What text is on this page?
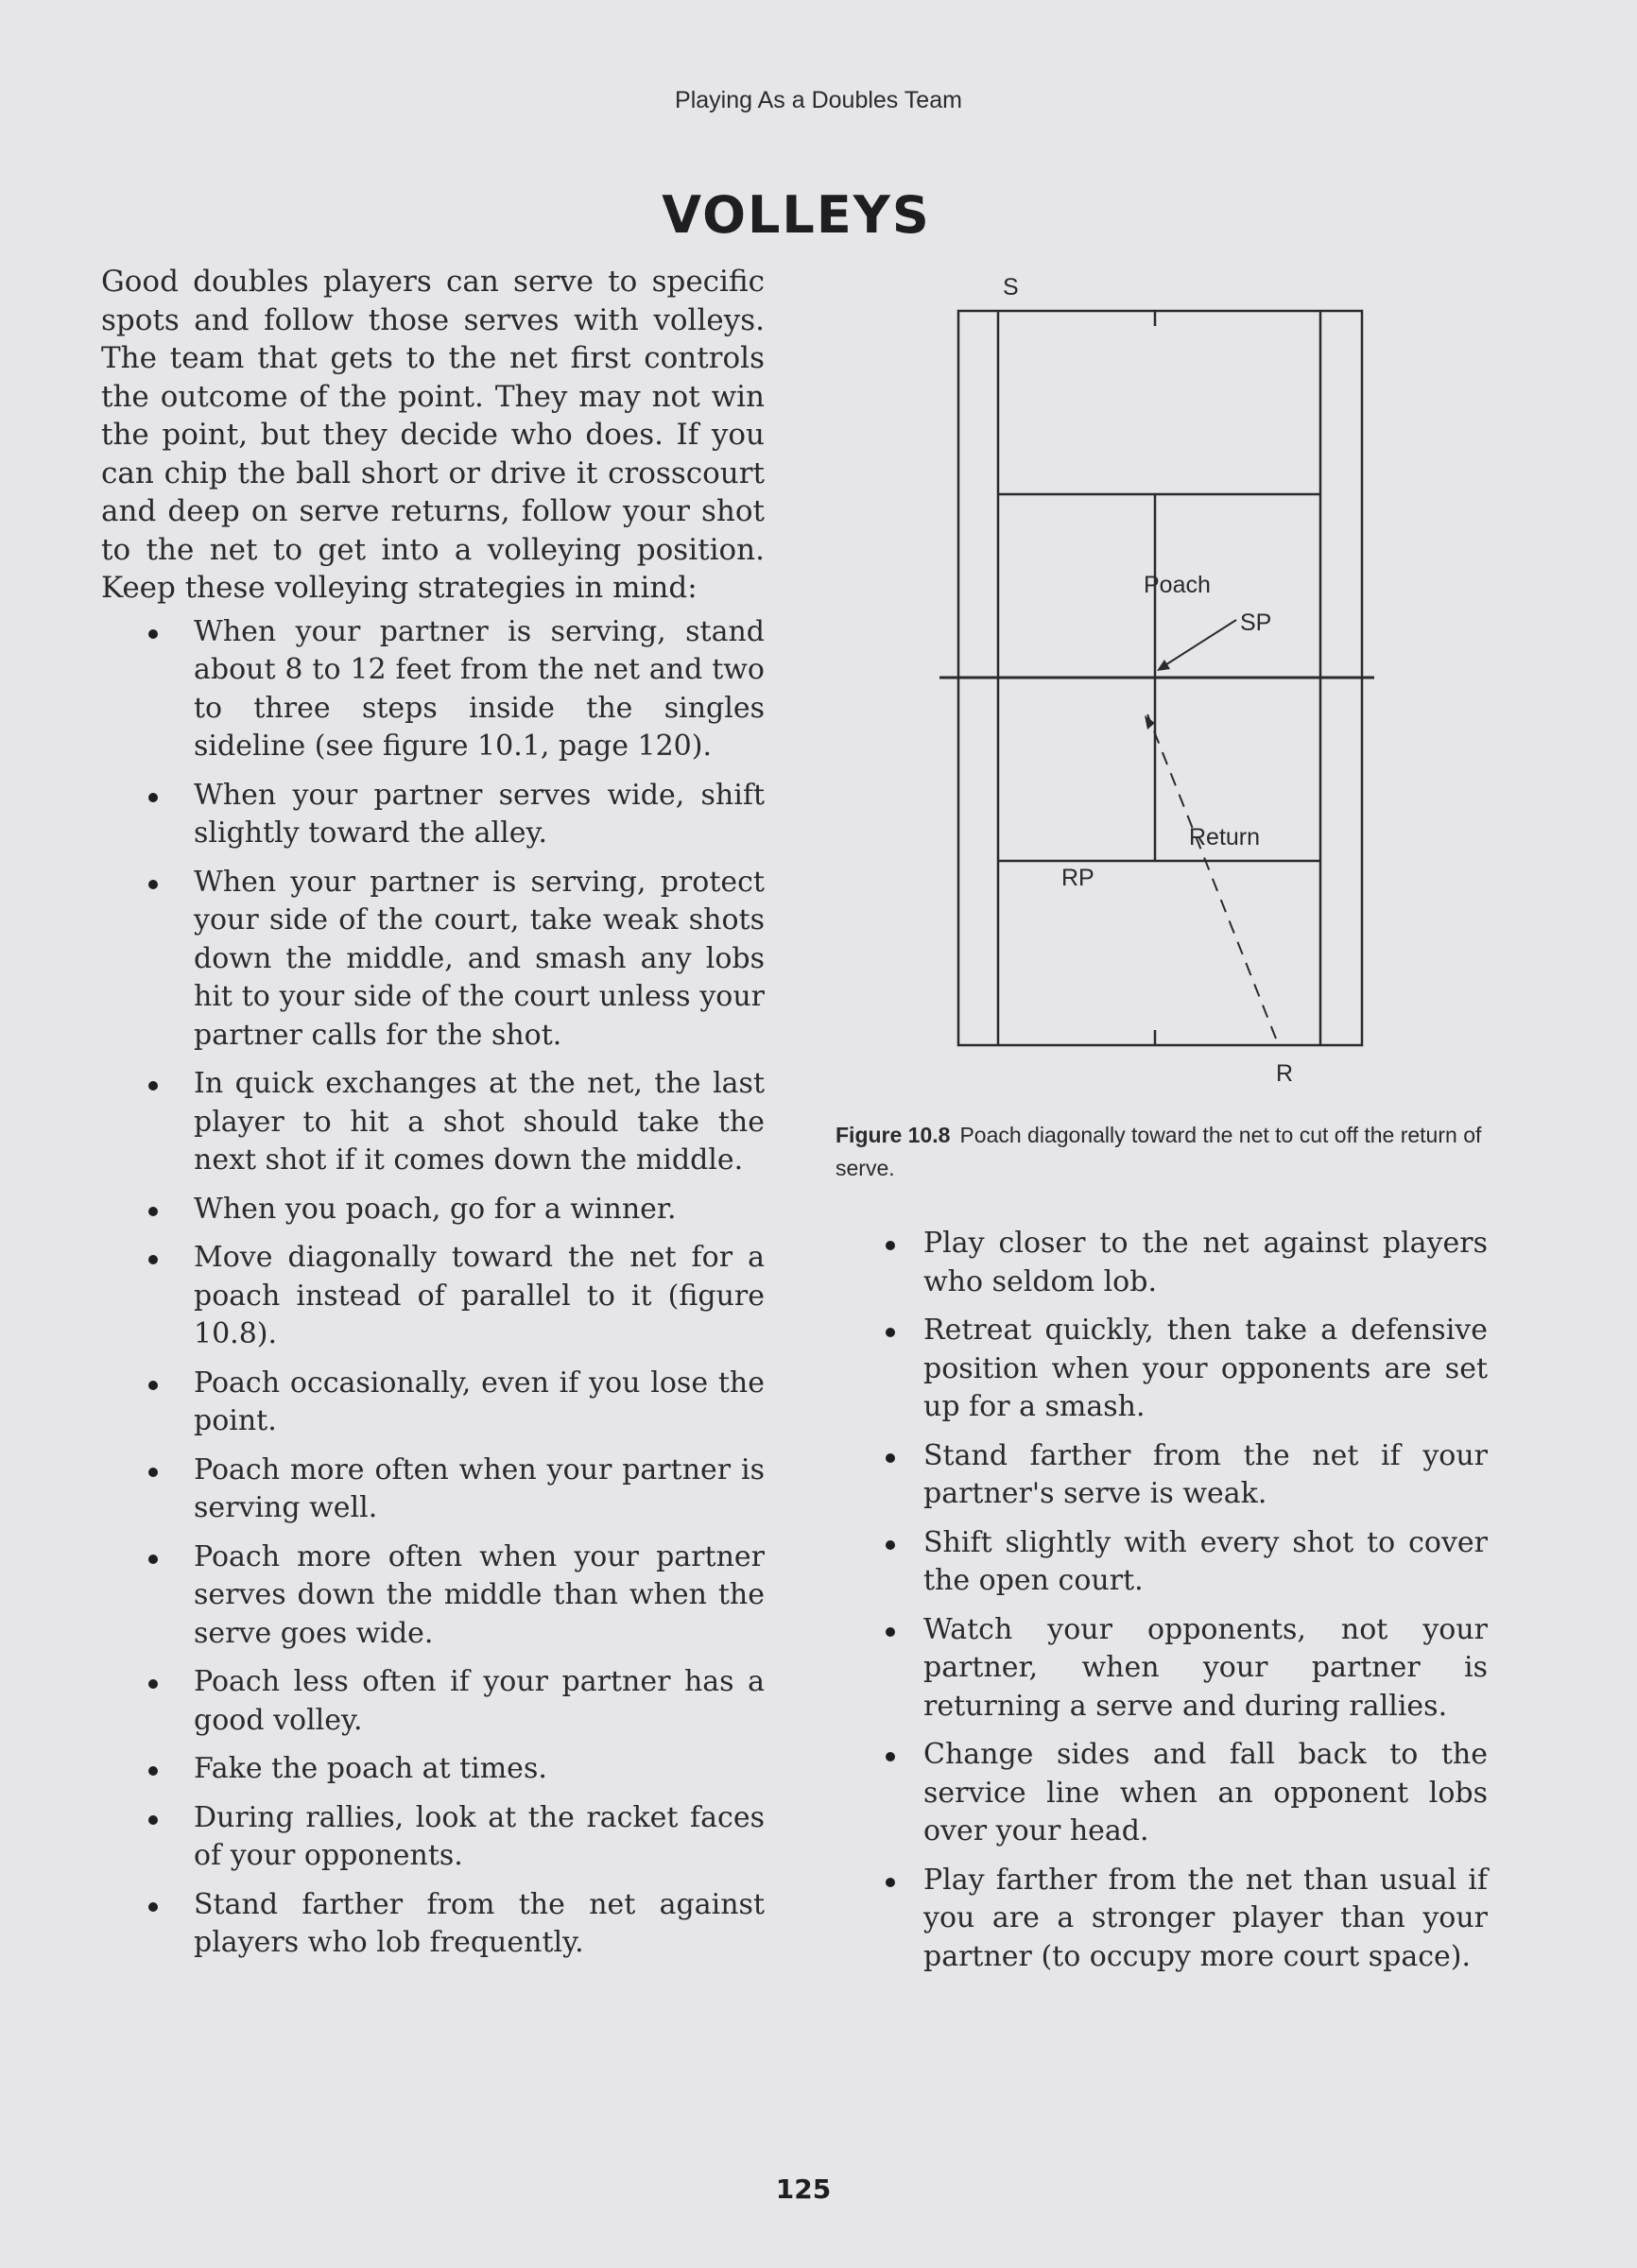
Playing As a Doubles Team
VOLLEYS

Good doubles players can serve to specific spots and follow those serves with volleys. The team that gets to the net first controls the outcome of the point. They may not win the point, but they decide who does. If you can chip the ball short or drive it crosscourt and deep on serve returns, follow your shot to the net to get into a volleying position. Keep these volleying strategies in mind:

When your partner is serving, stand about 8 to 12 feet from the net and two to three steps inside the singles sideline (see figure 10.1, page 120).
When your partner serves wide, shift slightly toward the alley.
When your partner is serving, protect your side of the court, take weak shots down the middle, and smash any lobs hit to your side of the court unless your partner calls for the shot.
In quick exchanges at the net, the last player to hit a shot should take the next shot if it comes down the middle.
When you poach, go for a winner.
Move diagonally toward the net for a poach instead of parallel to it (figure 10.8).
Poach occasionally, even if you lose the point.
Poach more often when your partner is serving well.
Poach more often when your partner serves down the middle than when the serve goes wide.
Poach less often if your partner has a good volley.
Fake the poach at times.
During rallies, look at the racket faces of your opponents.
Stand farther from the net against players who lob frequently.
S
Poach
SP
Return
RP
R
Figure 10.8 Poach diagonally toward the net to cut off the return of serve.
Play closer to the net against players who seldom lob.
Retreat quickly, then take a defensive position when your opponents are set up for a smash.
Stand farther from the net if your partner's serve is weak.
Shift slightly with every shot to cover the open court.
Watch your opponents, not your partner, when your partner is returning a serve and during rallies.
Change sides and fall back to the service line when an opponent lobs over your head.
Play farther from the net than usual if you are a stronger player than your partner (to occupy more court space).
125
